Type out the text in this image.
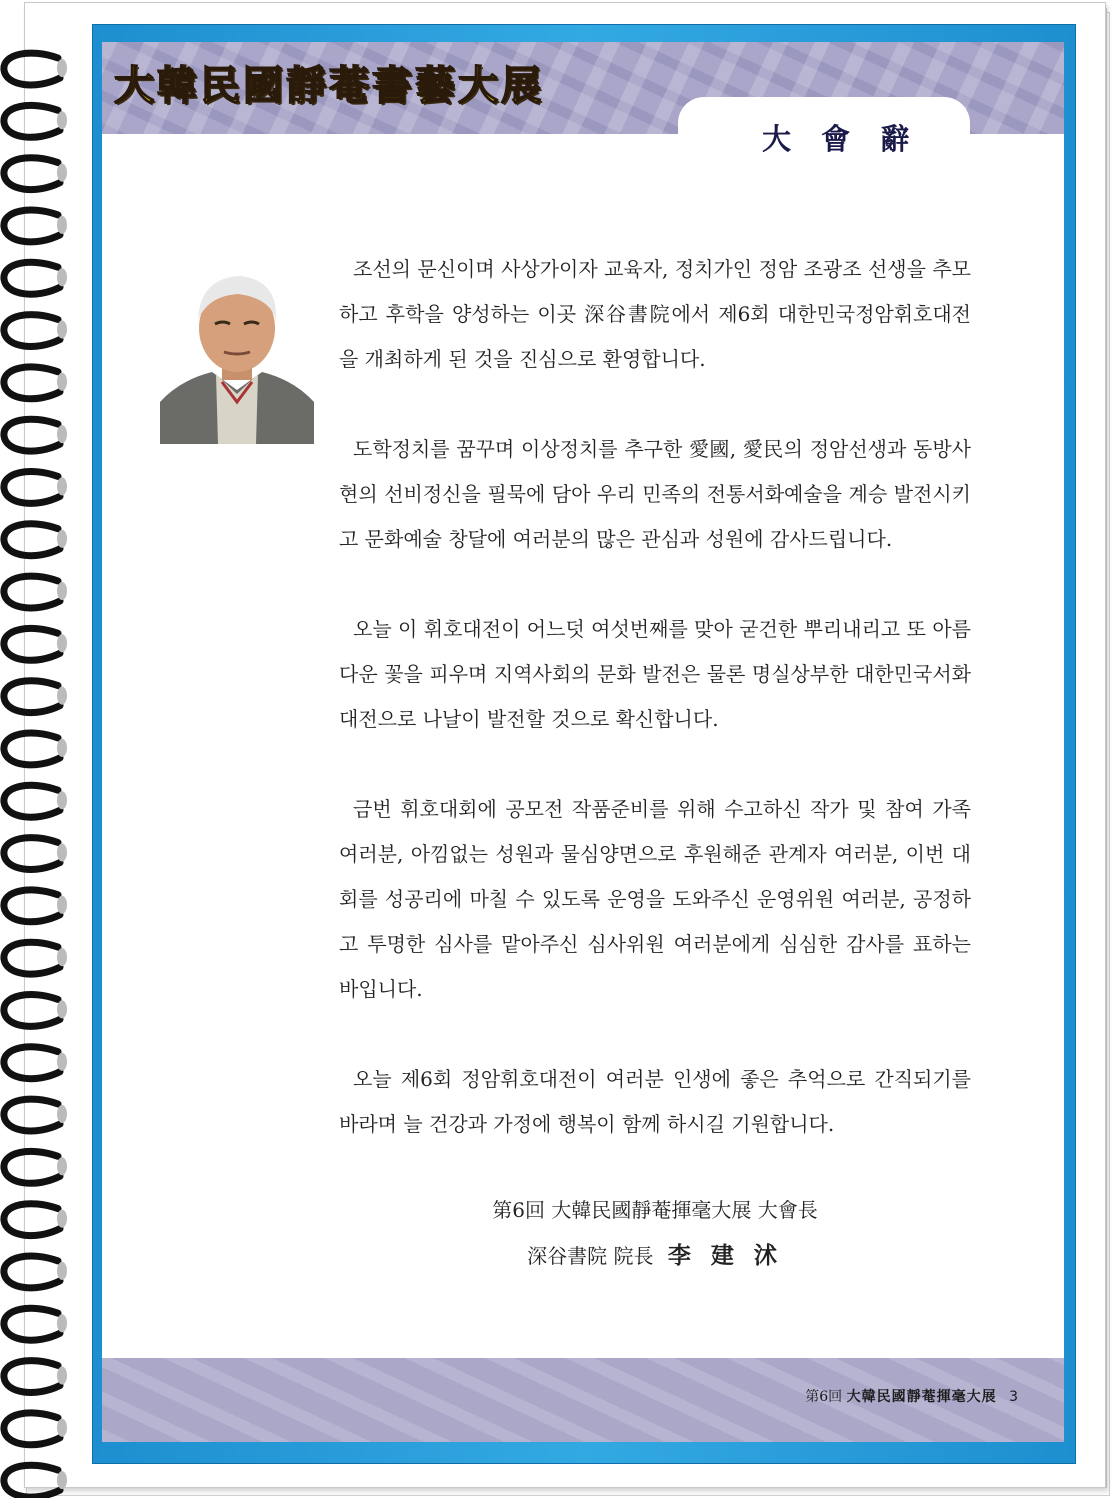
大韓民國靜菴書藝大展
大 會 辭

조선의 문신이며 사상가이자 교육자, 정치가인 정암 조광조 선생을 추모하고 후학을 양성하는 이곳 深谷書院에서 제6회 대한민국정암휘호대전을 개최하게 된 것을 진심으로 환영합니다.

도학정치를 꿈꾸며 이상정치를 추구한 愛國, 愛民의 정암선생과 동방사현의 선비정신을 필묵에 담아 우리 민족의 전통서화예술을 계승 발전시키고 문화예술 창달에 여러분의 많은 관심과 성원에 감사드립니다.

오늘 이 휘호대전이 어느덧 여섯번째를 맞아 굳건한 뿌리내리고 또 아름다운 꽃을 피우며 지역사회의 문화 발전은 물론 명실상부한 대한민국서화대전으로 나날이 발전할 것으로 확신합니다.

금번 휘호대회에 공모전 작품준비를 위해 수고하신 작가 및 참여 가족 여러분, 아낌없는 성원과 물심양면으로 후원해준 관계자 여러분, 이번 대회를 성공리에 마칠 수 있도록 운영을 도와주신 운영위원 여러분, 공정하고 투명한 심사를 맡아주신 심사위원 여러분에게 심심한 감사를 표하는 바입니다.

오늘 제6회 정암휘호대전이 여러분 인생에 좋은 추억으로 간직되기를 바라며 늘 건강과 가정에 행복이 함께 하시길 기원합니다.

第6回 大韓民國靜菴揮毫大展 大會長
深谷書院 院長 李 建 沭
第6回 大韓民國靜菴揮毫大展 3
